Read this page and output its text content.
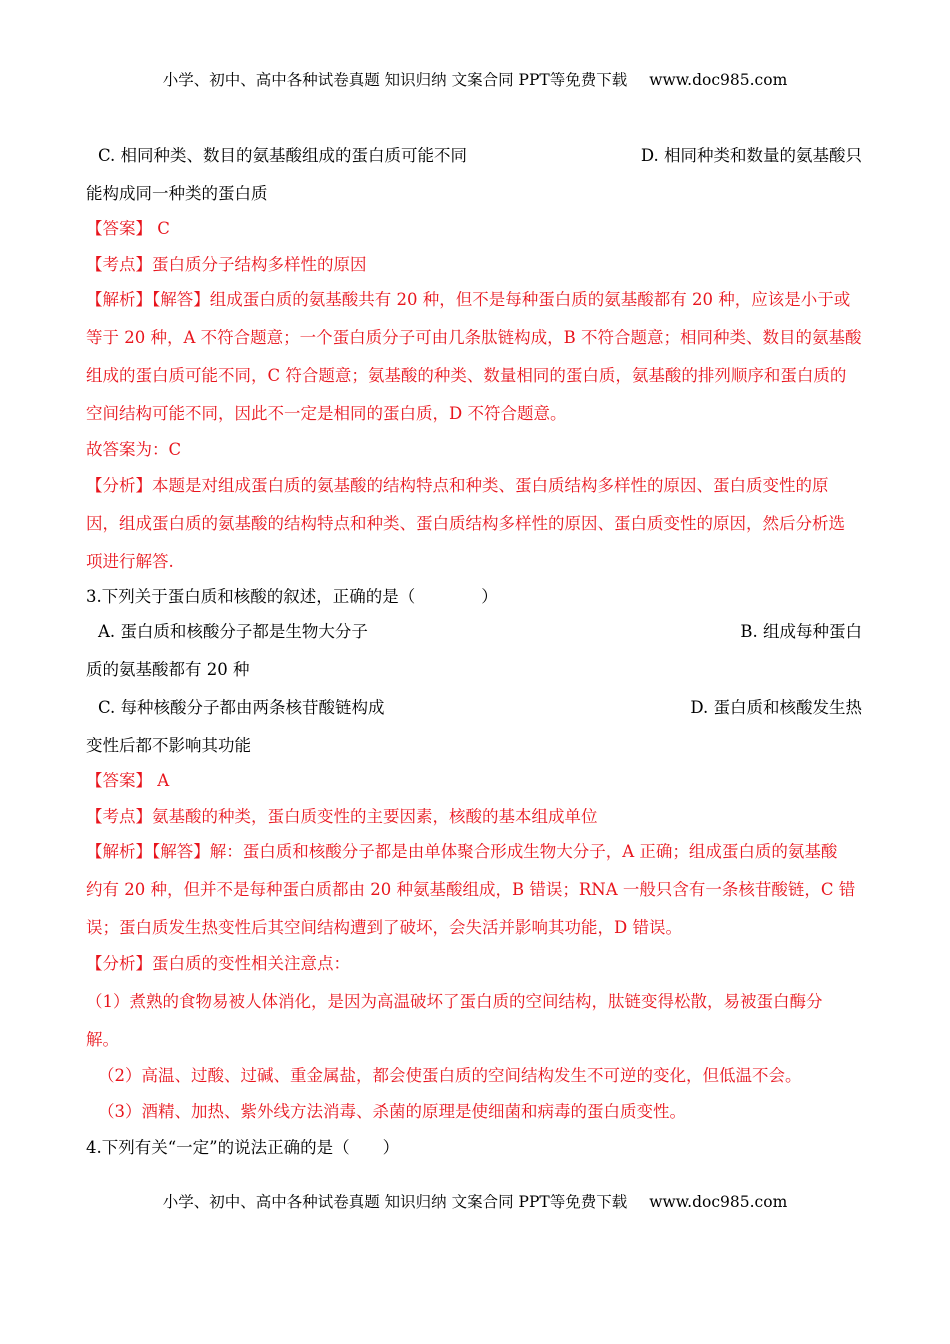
小学、初中、高中各种试卷真题 知识归纳 文案合同 PPT等免费下载 www.doc985.com
C. 相同种类、数目的氨基酸组成的蛋白质可能不同	D. 相同种类和数量的氨基酸只
能构成同一种类的蛋白质
【答案】 C
【考点】蛋白质分子结构多样性的原因
【解析】【解答】组成蛋白质的氨基酸共有 20 种，但不是每种蛋白质的氨基酸都有 20 种，应该是小于或
等于 20 种，A 不符合题意；一个蛋白质分子可由几条肽链构成，B 不符合题意；相同种类、数目的氨基酸
组成的蛋白质可能不同，C 符合题意；氨基酸的种类、数量相同的蛋白质，氨基酸的排列顺序和蛋白质的
空间结构可能不同，因此不一定是相同的蛋白质，D 不符合题意。
故答案为：C
【分析】本题是对组成蛋白质的氨基酸的结构特点和种类、蛋白质结构多样性的原因、蛋白质变性的原
因，组成蛋白质的氨基酸的结构特点和种类、蛋白质结构多样性的原因、蛋白质变性的原因，然后分析选
项进行解答.
3.下列关于蛋白质和核酸的叙述，正确的是（　　　　）
A. 蛋白质和核酸分子都是生物大分子	B. 组成每种蛋白
质的氨基酸都有 20 种
C. 每种核酸分子都由两条核苷酸链构成	D. 蛋白质和核酸发生热
变性后都不影响其功能
【答案】 A
【考点】氨基酸的种类，蛋白质变性的主要因素，核酸的基本组成单位
【解析】【解答】解：蛋白质和核酸分子都是由单体聚合形成生物大分子，A 正确；组成蛋白质的氨基酸
约有 20 种，但并不是每种蛋白质都由 20 种氨基酸组成，B 错误；RNA 一般只含有一条核苷酸链，C 错
误；蛋白质发生热变性后其空间结构遭到了破坏，会失活并影响其功能，D 错误。
【分析】蛋白质的变性相关注意点：
（1）煮熟的食物易被人体消化，是因为高温破坏了蛋白质的空间结构，肽链变得松散，易被蛋白酶分
解。
（2）高温、过酸、过碱、重金属盐，都会使蛋白质的空间结构发生不可逆的变化，但低温不会。
（3）酒精、加热、紫外线方法消毒、杀菌的原理是使细菌和病毒的蛋白质变性。
4.下列有关“一定”的说法正确的是（　　）
小学、初中、高中各种试卷真题 知识归纳 文案合同 PPT等免费下载 www.doc985.com
